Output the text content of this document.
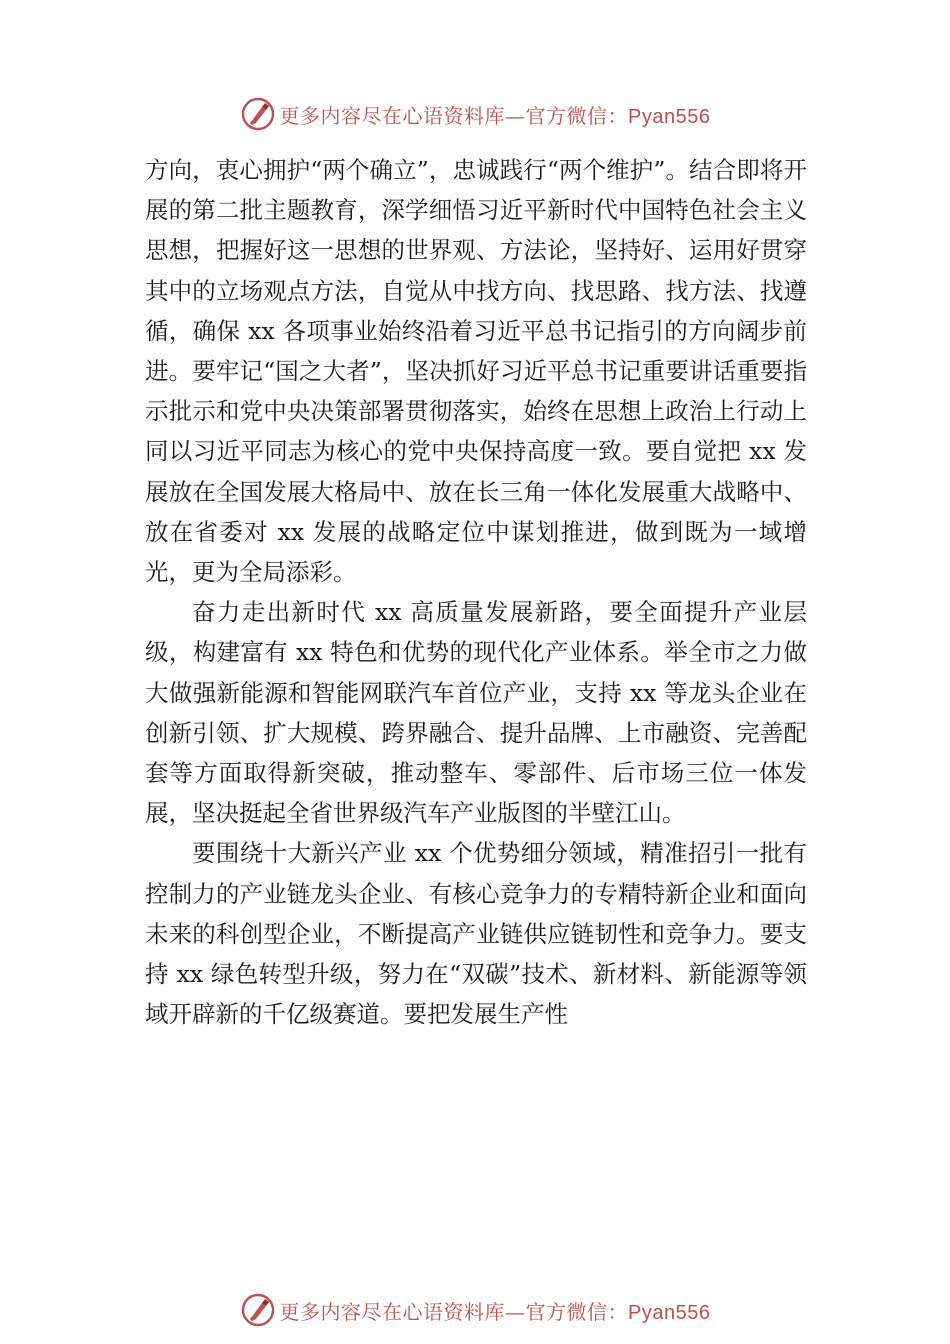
更多内容尽在心语资料库—官方微信：Pyan556

方向，衷心拥护“两个确立”，忠诚践行“两个维护”。结合即将开展的第二批主题教育，深学细悟习近平新时代中国特色社会主义思想，把握好这一思想的世界观、方法论，坚持好、运用好贯穿其中的立场观点方法，自觉从中找方向、找思路、找方法、找遵循，确保 xx 各项事业始终沿着习近平总书记指引的方向阔步前进。要牢记“国之大者”，坚决抓好习近平总书记重要讲话重要指示批示和党中央决策部署贯彻落实，始终在思想上政治上行动上同以习近平同志为核心的党中央保持高度一致。要自觉把 xx 发展放在全国发展大格局中、放在长三角一体化发展重大战略中、放在省委对 xx 发展的战略定位中谋划推进，做到既为一域增光，更为全局添彩。

奋力走出新时代 xx 高质量发展新路，要全面提升产业层级，构建富有 xx 特色和优势的现代化产业体系。举全市之力做大做强新能源和智能网联汽车首位产业，支持 xx 等龙头企业在创新引领、扩大规模、跨界融合、提升品牌、上市融资、完善配套等方面取得新突破，推动整车、零部件、后市场三位一体发展，坚决挺起全省世界级汽车产业版图的半壁江山。

要围绕十大新兴产业 xx 个优势细分领域，精准招引一批有控制力的产业链龙头企业、有核心竞争力的专精特新企业和面向未来的科创型企业，不断提高产业链供应链韧性和竞争力。要支持 xx 绿色转型升级，努力在“双碳”技术、新材料、新能源等领域开辟新的千亿级赛道。要把发展生产性

更多内容尽在心语资料库—官方微信：Pyan556
